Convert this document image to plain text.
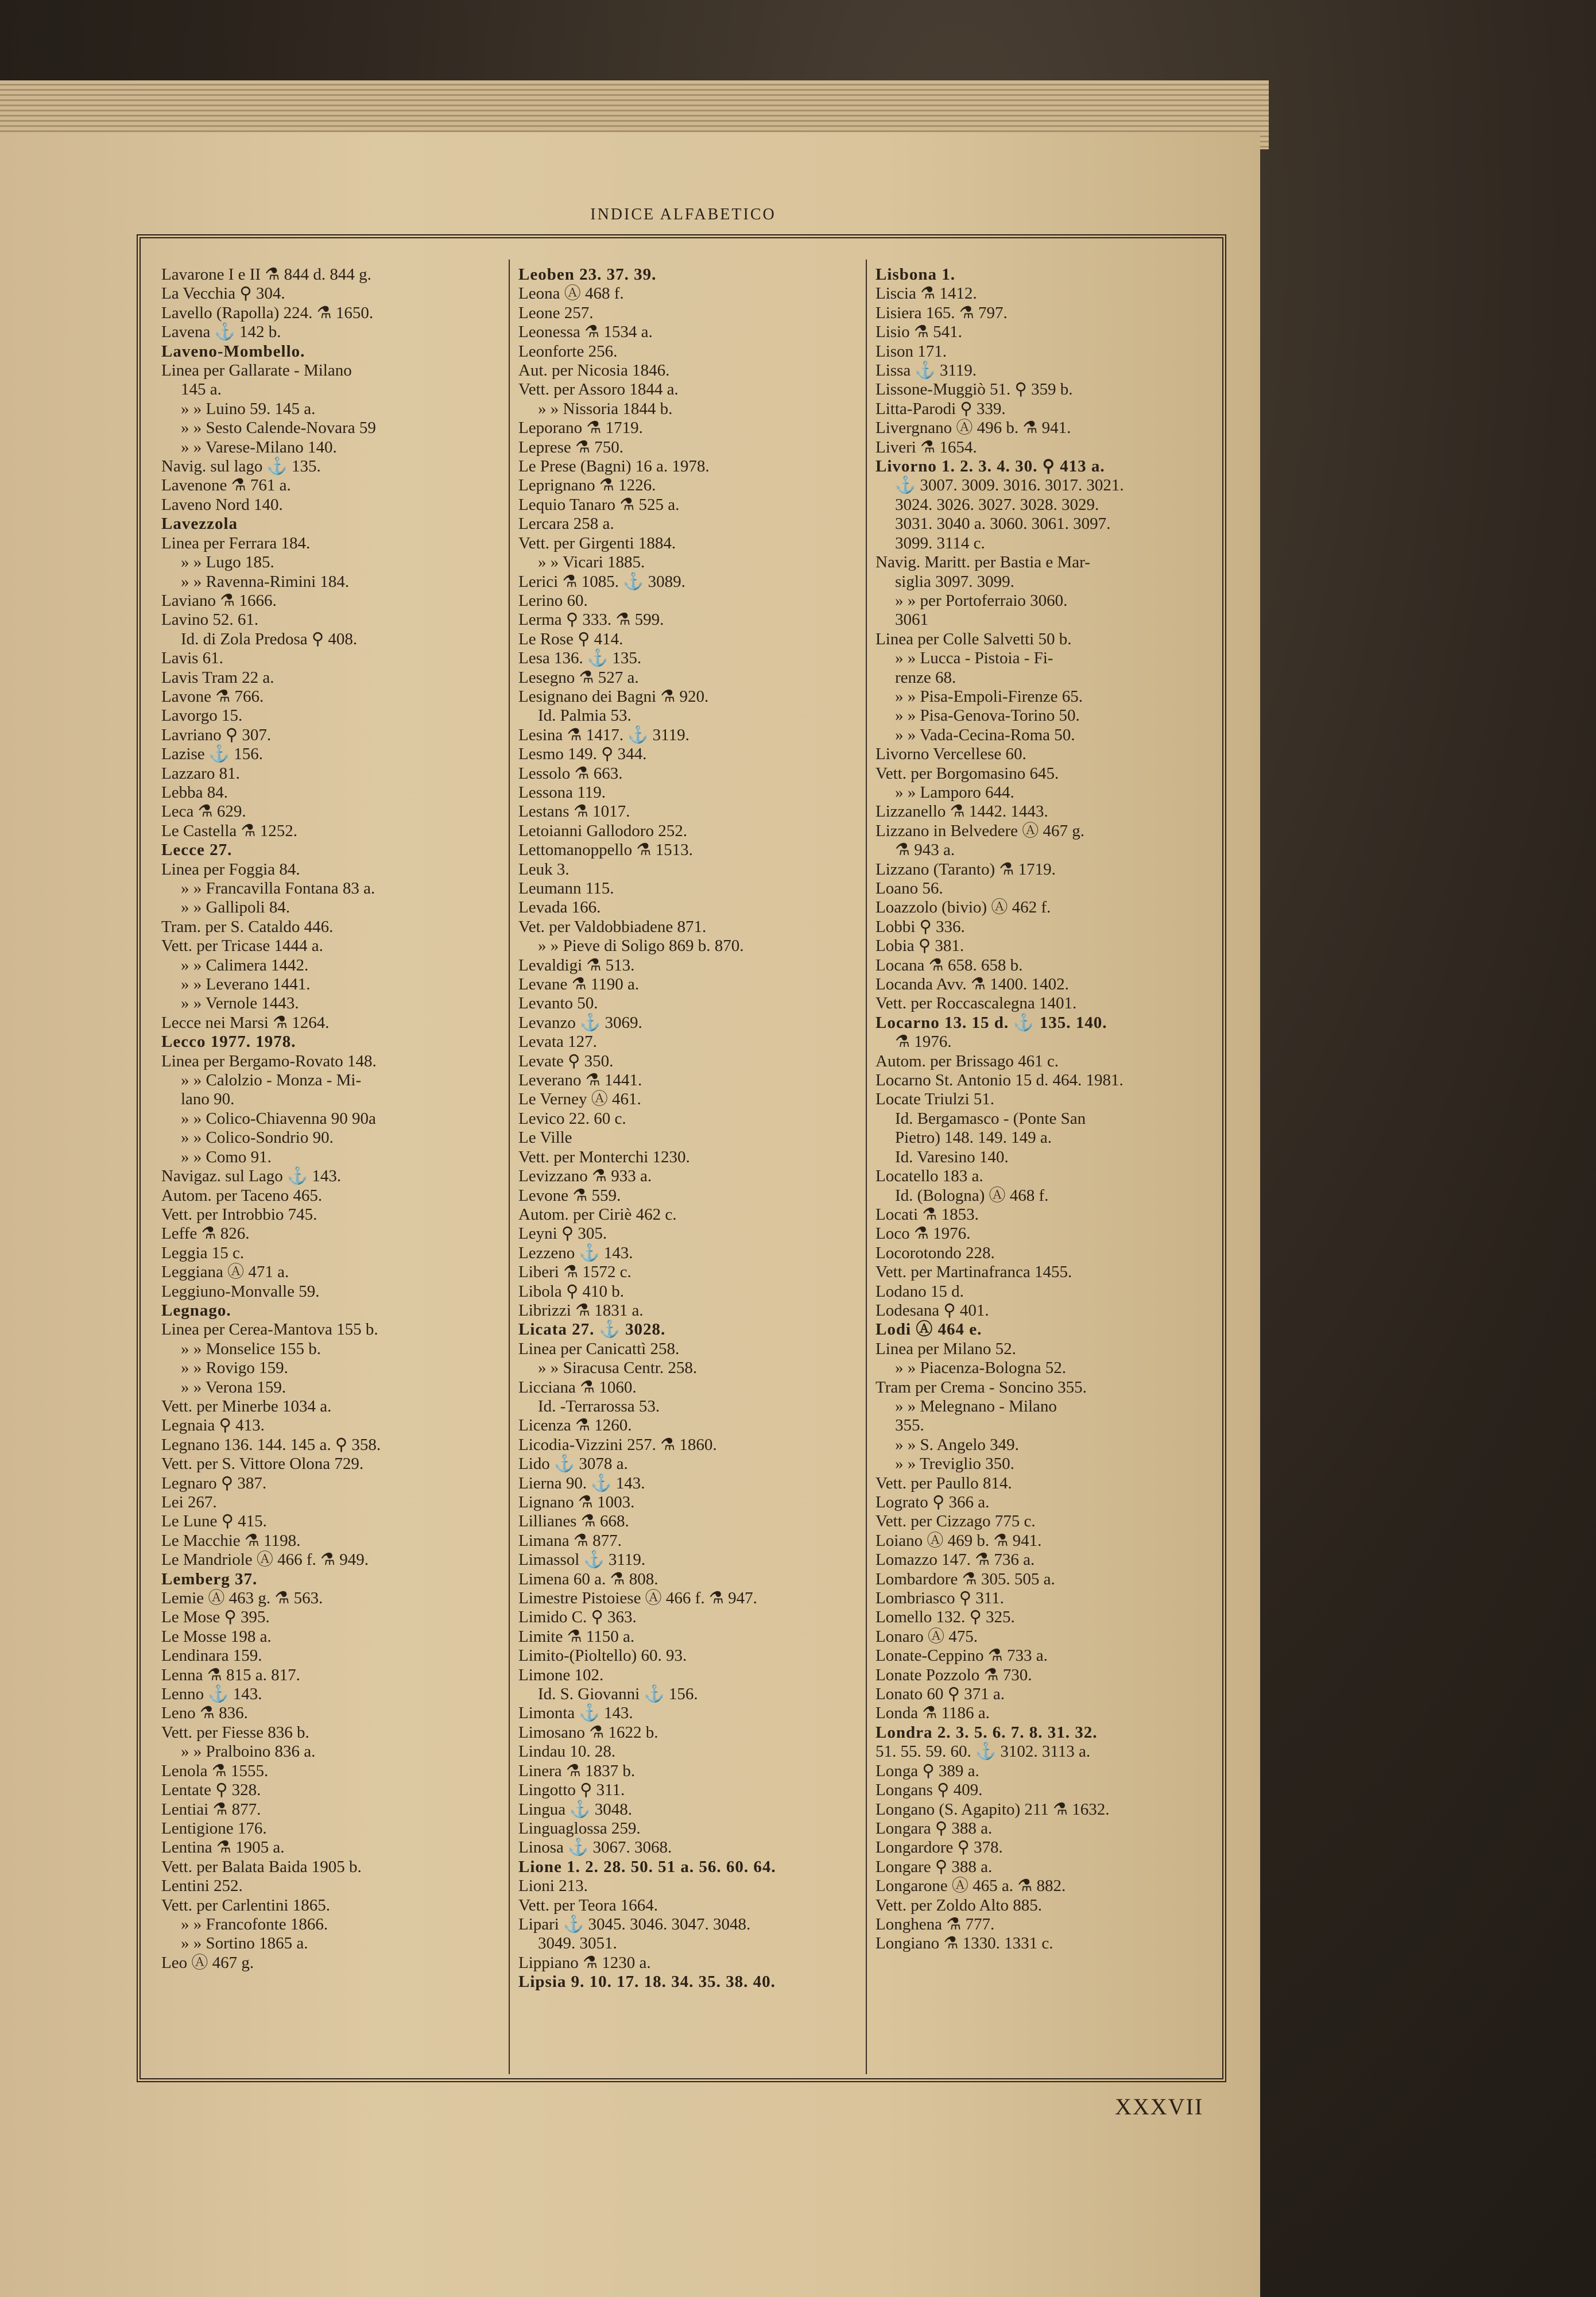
INDICE ALFABETICO
Lavarone I e II ⚗ 844 d. 844 g.
La Vecchia ⚲ 304.
Lavello (Rapolla) 224. ⚗ 1650.
Lavena ⚓ 142 b.
Laveno-Mombello.
Linea per Gallarate - Milano
145 a.
» » Luino 59. 145 a.
» » Sesto Calende-Novara 59
» » Varese-Milano 140.
Navig. sul lago ⚓ 135.
Lavenone ⚗ 761 a.
Laveno Nord 140.
Lavezzola
Linea per Ferrara 184.
» » Lugo 185.
» » Ravenna-Rimini 184.
Laviano ⚗ 1666.
Lavino 52. 61.
Id. di Zola Predosa ⚲ 408.
Lavis 61.
Lavis Tram 22 a.
Lavone ⚗ 766.
Lavorgo 15.
Lavriano ⚲ 307.
Lazise ⚓ 156.
Lazzaro 81.
Lebba 84.
Leca ⚗ 629.
Le Castella ⚗ 1252.
Lecce 27.
Linea per Foggia 84.
» » Francavilla Fontana 83 a.
» » Gallipoli 84.
Tram. per S. Cataldo 446.
Vett. per Tricase 1444 a.
» » Calimera 1442.
» » Leverano 1441.
» » Vernole 1443.
Lecce nei Marsi ⚗ 1264.
Lecco 1977. 1978.
Linea per Bergamo-Rovato 148.
» » Calolzio - Monza - Mi-
lano 90.
» » Colico-Chiavenna 90 90a
» » Colico-Sondrio 90.
» » Como 91.
Navigaz. sul Lago ⚓ 143.
Autom. per Taceno 465.
Vett. per Introbbio 745.
Leffe ⚗ 826.
Leggia 15 c.
Leggiana Ⓐ 471 a.
Leggiuno-Monvalle 59.
Legnago.
Linea per Cerea-Mantova 155 b.
» » Monselice 155 b.
» » Rovigo 159.
» » Verona 159.
Vett. per Minerbe 1034 a.
Legnaia ⚲ 413.
Legnano 136. 144. 145 a. ⚲ 358.
Vett. per S. Vittore Olona 729.
Legnaro ⚲ 387.
Lei 267.
Le Lune ⚲ 415.
Le Macchie ⚗ 1198.
Le Mandriole Ⓐ 466 f. ⚗ 949.
Lemberg 37.
Lemie Ⓐ 463 g. ⚗ 563.
Le Mose ⚲ 395.
Le Mosse 198 a.
Lendinara 159.
Lenna ⚗ 815 a. 817.
Lenno ⚓ 143.
Leno ⚗ 836.
Vett. per Fiesse 836 b.
» » Pralboino 836 a.
Lenola ⚗ 1555.
Lentate ⚲ 328.
Lentiai ⚗ 877.
Lentigione 176.
Lentina ⚗ 1905 a.
Vett. per Balata Baida 1905 b.
Lentini 252.
Vett. per Carlentini 1865.
» » Francofonte 1866.
» » Sortino 1865 a.
Leo Ⓐ 467 g.
Leoben 23. 37. 39.
Leona Ⓐ 468 f.
Leone 257.
Leonessa ⚗ 1534 a.
Leonforte 256.
Aut. per Nicosia 1846.
Vett. per Assoro 1844 a.
» » Nissoria 1844 b.
Leporano ⚗ 1719.
Leprese ⚗ 750.
Le Prese (Bagni) 16 a. 1978.
Leprignano ⚗ 1226.
Lequio Tanaro ⚗ 525 a.
Lercara 258 a.
Vett. per Girgenti 1884.
» » Vicari 1885.
Lerici ⚗ 1085. ⚓ 3089.
Lerino 60.
Lerma ⚲ 333. ⚗ 599.
Le Rose ⚲ 414.
Lesa 136. ⚓ 135.
Lesegno ⚗ 527 a.
Lesignano dei Bagni ⚗ 920.
Id. Palmia 53.
Lesina ⚗ 1417. ⚓ 3119.
Lesmo 149. ⚲ 344.
Lessolo ⚗ 663.
Lessona 119.
Lestans ⚗ 1017.
Letoianni Gallodoro 252.
Lettomanoppello ⚗ 1513.
Leuk 3.
Leumann 115.
Levada 166.
Vet. per Valdobbiadene 871.
» » Pieve di Soligo 869 b. 870.
Levaldigi ⚗ 513.
Levane ⚗ 1190 a.
Levanto 50.
Levanzo ⚓ 3069.
Levata 127.
Levate ⚲ 350.
Leverano ⚗ 1441.
Le Verney Ⓐ 461.
Levico 22. 60 c.
Le Ville
Vett. per Monterchi 1230.
Levizzano ⚗ 933 a.
Levone ⚗ 559.
Autom. per Ciriè 462 c.
Leyni ⚲ 305.
Lezzeno ⚓ 143.
Liberi ⚗ 1572 c.
Libola ⚲ 410 b.
Librizzi ⚗ 1831 a.
Licata 27. ⚓ 3028.
Linea per Canicattì 258.
» » Siracusa Centr. 258.
Licciana ⚗ 1060.
Id. -Terrarossa 53.
Licenza ⚗ 1260.
Licodia-Vizzini 257. ⚗ 1860.
Lido ⚓ 3078 a.
Lierna 90. ⚓ 143.
Lignano ⚗ 1003.
Lillianes ⚗ 668.
Limana ⚗ 877.
Limassol ⚓ 3119.
Limena 60 a. ⚗ 808.
Limestre Pistoiese Ⓐ 466 f. ⚗ 947.
Limido C. ⚲ 363.
Limite ⚗ 1150 a.
Limito-(Pioltello) 60. 93.
Limone 102.
Id. S. Giovanni ⚓ 156.
Limonta ⚓ 143.
Limosano ⚗ 1622 b.
Lindau 10. 28.
Linera ⚗ 1837 b.
Lingotto ⚲ 311.
Lingua ⚓ 3048.
Linguaglossa 259.
Linosa ⚓ 3067. 3068.
Lione 1. 2. 28. 50. 51 a. 56. 60. 64.
Lioni 213.
Vett. per Teora 1664.
Lipari ⚓ 3045. 3046. 3047. 3048.
3049. 3051.
Lippiano ⚗ 1230 a.
Lipsia 9. 10. 17. 18. 34. 35. 38. 40.
Lisbona 1.
Liscia ⚗ 1412.
Lisiera 165. ⚗ 797.
Lisio ⚗ 541.
Lison 171.
Lissa ⚓ 3119.
Lissone-Muggiò 51. ⚲ 359 b.
Litta-Parodi ⚲ 339.
Livergnano Ⓐ 496 b. ⚗ 941.
Liveri ⚗ 1654.
Livorno 1. 2. 3. 4. 30. ⚲ 413 a.
⚓ 3007. 3009. 3016. 3017. 3021.
3024. 3026. 3027. 3028. 3029.
3031. 3040 a. 3060. 3061. 3097.
3099. 3114 c.
Navig. Maritt. per Bastia e Mar-
siglia 3097. 3099.
» » per Portoferraio 3060.
3061
Linea per Colle Salvetti 50 b.
» » Lucca - Pistoia - Fi-
renze 68.
» » Pisa-Empoli-Firenze 65.
» » Pisa-Genova-Torino 50.
» » Vada-Cecina-Roma 50.
Livorno Vercellese 60.
Vett. per Borgomasino 645.
» » Lamporo 644.
Lizzanello ⚗ 1442. 1443.
Lizzano in Belvedere Ⓐ 467 g.
⚗ 943 a.
Lizzano (Taranto) ⚗ 1719.
Loano 56.
Loazzolo (bivio) Ⓐ 462 f.
Lobbi ⚲ 336.
Lobia ⚲ 381.
Locana ⚗ 658. 658 b.
Locanda Avv. ⚗ 1400. 1402.
Vett. per Roccascalegna 1401.
Locarno 13. 15 d. ⚓ 135. 140.
⚗ 1976.
Autom. per Brissago 461 c.
Locarno St. Antonio 15 d. 464. 1981.
Locate Triulzi 51.
Id. Bergamasco - (Ponte San
Pietro) 148. 149. 149 a.
Id. Varesino 140.
Locatello 183 a.
Id. (Bologna) Ⓐ 468 f.
Locati ⚗ 1853.
Loco ⚗ 1976.
Locorotondo 228.
Vett. per Martinafranca 1455.
Lodano 15 d.
Lodesana ⚲ 401.
Lodi Ⓐ 464 e.
Linea per Milano 52.
» » Piacenza-Bologna 52.
Tram per Crema - Soncino 355.
» » Melegnano - Milano
355.
» » S. Angelo 349.
» » Treviglio 350.
Vett. per Paullo 814.
Lograto ⚲ 366 a.
Vett. per Cizzago 775 c.
Loiano Ⓐ 469 b. ⚗ 941.
Lomazzo 147. ⚗ 736 a.
Lombardore ⚗ 305. 505 a.
Lombriasco ⚲ 311.
Lomello 132. ⚲ 325.
Lonaro Ⓐ 475.
Lonate-Ceppino ⚗ 733 a.
Lonate Pozzolo ⚗ 730.
Lonato 60 ⚲ 371 a.
Londa ⚗ 1186 a.
Londra 2. 3. 5. 6. 7. 8. 31. 32.
51. 55. 59. 60. ⚓ 3102. 3113 a.
Longa ⚲ 389 a.
Longans ⚲ 409.
Longano (S. Agapito) 211 ⚗ 1632.
Longara ⚲ 388 a.
Longardore ⚲ 378.
Longare ⚲ 388 a.
Longarone Ⓐ 465 a. ⚗ 882.
Vett. per Zoldo Alto 885.
Longhena ⚗ 777.
Longiano ⚗ 1330. 1331 c.
XXXVII
